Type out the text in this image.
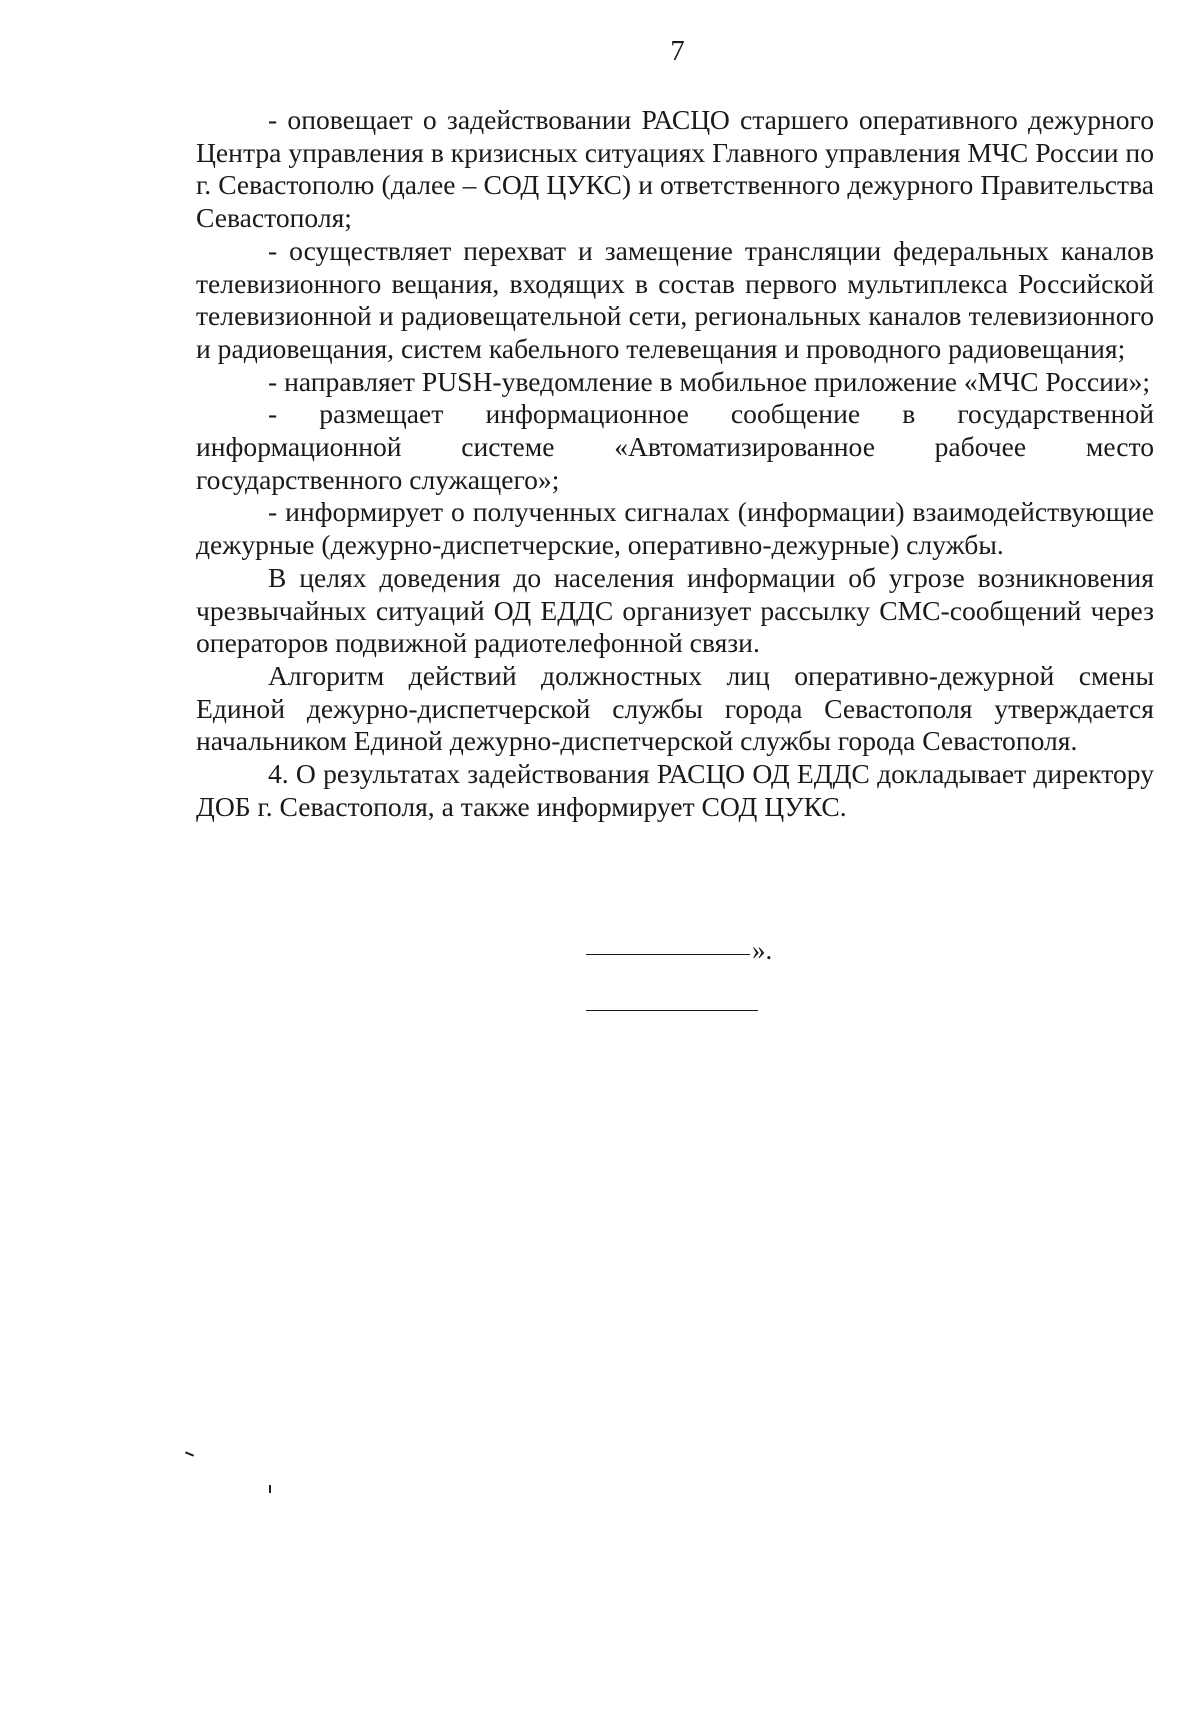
7

- оповещает о задействовании РАСЦО старшего оперативного дежурного Центра управления в кризисных ситуациях Главного управления МЧС России по г. Севастополю (далее – СОД ЦУКС) и ответственного дежурного Правительства Севастополя;

- осуществляет перехват и замещение трансляции федеральных каналов телевизионного вещания, входящих в состав первого мультиплекса Российской телевизионной и радиовещательной сети, региональных каналов телевизионного и радиовещания, систем кабельного телевещания и проводного радиовещания;

- направляет PUSH-уведомление в мобильное приложение «МЧС России»;

- размещает информационное сообщение в государственной информационной системе «Автоматизированное рабочее место государственного служащего»;

- информирует о полученных сигналах (информации) взаимодействующие дежурные (дежурно-диспетчерские, оперативно-дежурные) службы.

В целях доведения до населения информации об угрозе возникновения чрезвычайных ситуаций ОД ЕДДС организует рассылку СМС-сообщений через операторов подвижной радиотелефонной связи.

Алгоритм действий должностных лиц оперативно-дежурной смены Единой дежурно-диспетчерской службы города Севастополя утверждается начальником Единой дежурно-диспетчерской службы города Севастополя.

4. О результатах задействования РАСЦО ОД ЕДДС докладывает директору ДОБ г. Севастополя, а также информирует СОД ЦУКС.

».
